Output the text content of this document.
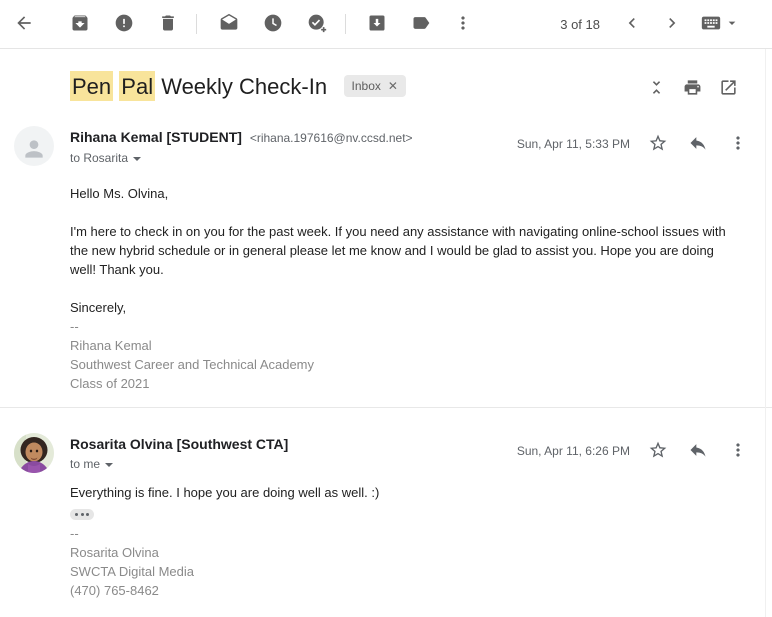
3 of 18
Pen Pal Weekly Check-In Inbox ✕
Rihana Kemal [STUDENT] <rihana.197616@nv.ccsd.net>
to Rosarita
Sun, Apr 11, 5:33 PM
Hello Ms. Olvina,
I'm here to check in on you for the past week. If you need any assistance with navigating online-school issues with the new hybrid schedule or in general please let me know and I would be glad to assist you. Hope you are doing well! Thank you.
Sincerely,
--
Rihana Kemal
Southwest Career and Technical Academy
Class of 2021
Rosarita Olvina [Southwest CTA]
to me
Sun, Apr 11, 6:26 PM
Everything is fine. I hope you are doing well as well. :)
--
Rosarita Olvina
SWCTA Digital Media
(470) 765-8462
